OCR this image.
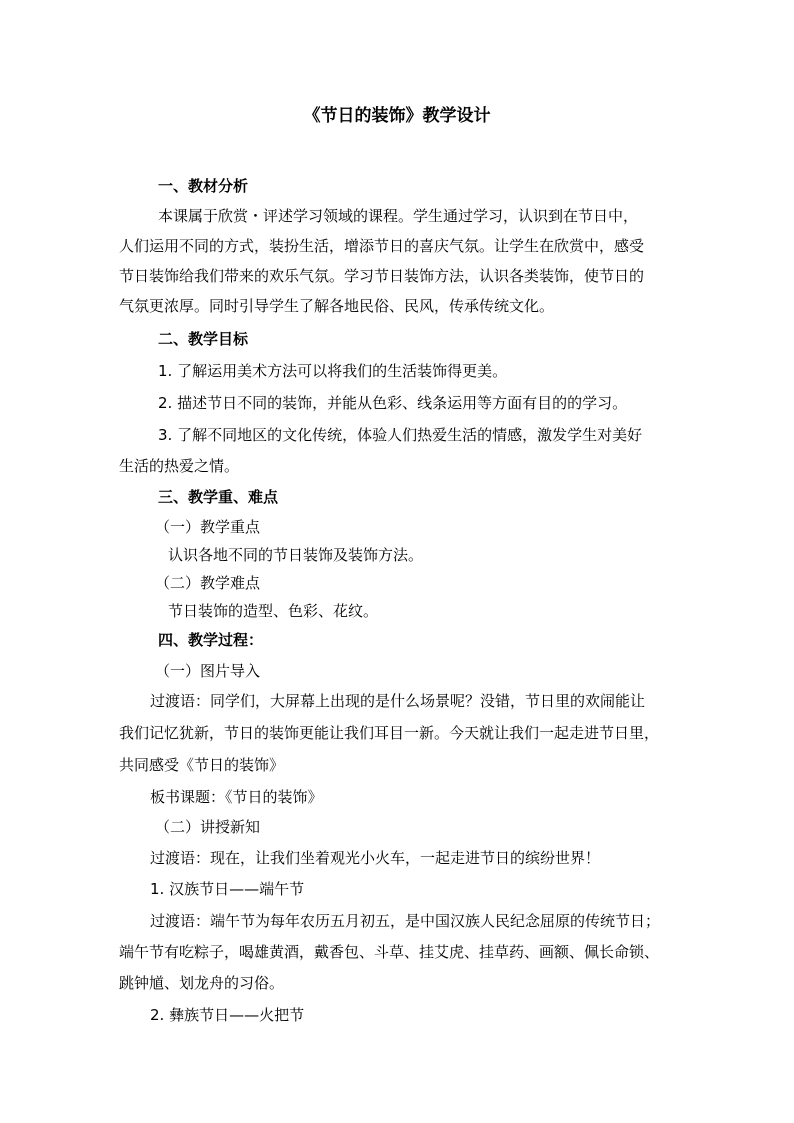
《节日的装饰》教学设计
一、教材分析
本课属于欣赏・评述学习领域的课程。学生通过学习，认识到在节日中，
人们运用不同的方式，装扮生活，增添节日的喜庆气氛。让学生在欣赏中，感受
节日装饰给我们带来的欢乐气氛。学习节日装饰方法，认识各类装饰，使节日的
气氛更浓厚。同时引导学生了解各地民俗、民风，传承传统文化。
二、教学目标
1. 了解运用美术方法可以将我们的生活装饰得更美。
2. 描述节日不同的装饰，并能从色彩、线条运用等方面有目的的学习。
3. 了解不同地区的文化传统，体验人们热爱生活的情感，激发学生对美好
生活的热爱之情。
三、教学重、难点
（一）教学重点
认识各地不同的节日装饰及装饰方法。
（二）教学难点
节日装饰的造型、色彩、花纹。
四、教学过程：
（一）图片导入
过渡语：同学们，大屏幕上出现的是什么场景呢？没错，节日里的欢闹能让
我们记忆犹新，节日的装饰更能让我们耳目一新。今天就让我们一起走进节日里，
共同感受《节日的装饰》
板书课题：《节日的装饰》
（二）讲授新知
过渡语：现在，让我们坐着观光小火车，一起走进节日的缤纷世界！
1. 汉族节日——端午节
过渡语：端午节为每年农历五月初五，是中国汉族人民纪念屈原的传统节日；
端午节有吃粽子，喝雄黄酒，戴香包、斗草、挂艾虎、挂草药、画额、佩长命锁、
跳钟馗、划龙舟的习俗。
2. 彝族节日——火把节
